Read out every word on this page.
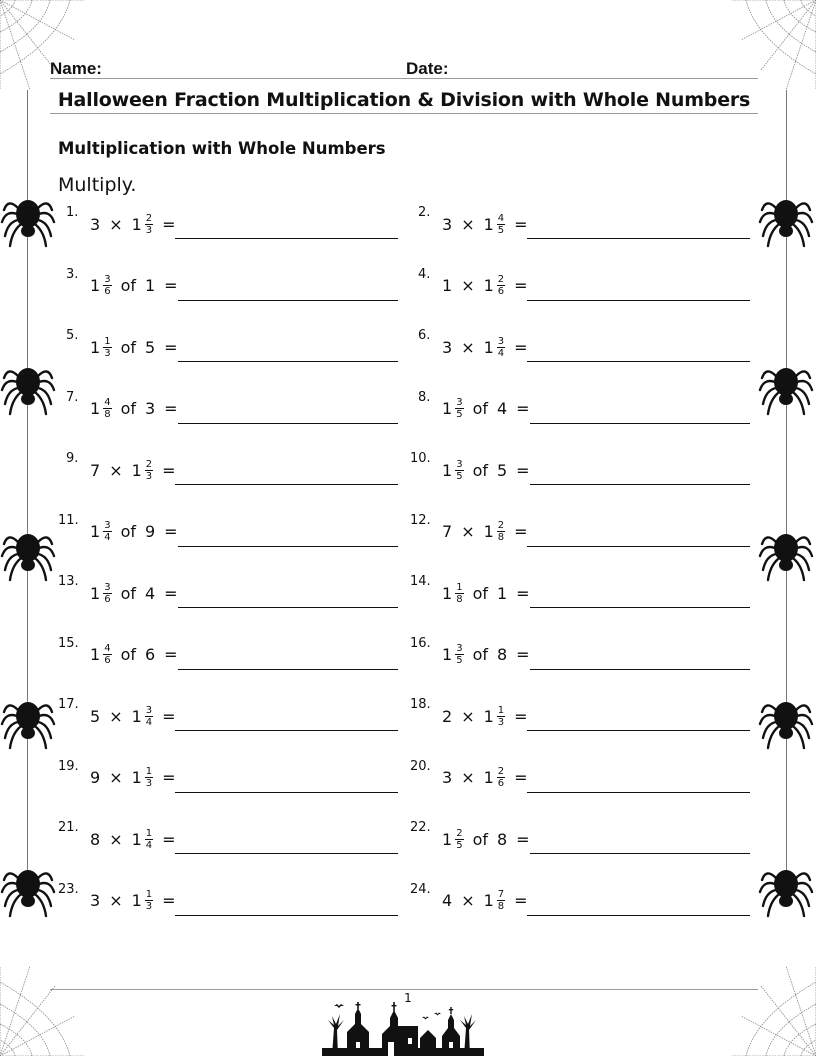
Name:	Date:
Halloween Fraction Multiplication & Division with Whole Numbers
Multiplication with Whole Numbers
Multiply.
1.
$3 \times 1 \frac{2}{3}$ =
2.
$3 \times 1 \frac{4}{5}$ =
3.
$1 \frac{3}{6}$ of 1 =
4.
$1 \times 1 \frac{2}{6}$ =
5.
$1 \frac{1}{3}$ of 5 =
6.
$3 \times 1 \frac{3}{4}$ =
7.
$1 \frac{4}{8}$ of 3 =
8.
$1 \frac{3}{5}$ of 4 =
9.
$7 \times 1 \frac{2}{3}$ =
10.
$1 \frac{3}{5}$ of 5 =
11.
$1 \frac{3}{4}$ of 9 =
12.
$7 \times 1 \frac{2}{8}$ =
13.
$1 \frac{3}{6}$ of 4 =
14.
$1 \frac{1}{8}$ of 1 =
15.
$1 \frac{4}{6}$ of 6 =
16.
$1 \frac{3}{5}$ of 8 =
17.
$5 \times 1 \frac{3}{4}$ =
18.
$2 \times 1 \frac{1}{3}$ =
19.
$9 \times 1 \frac{1}{3}$ =
20.
$3 \times 1 \frac{2}{6}$ =
21.
$8 \times 1 \frac{1}{4}$ =
22.
$1 \frac{2}{5}$ of 8 =
23.
$3 \times 1 \frac{1}{3}$ =
24.
$4 \times 1 \frac{7}{8}$ =
1
